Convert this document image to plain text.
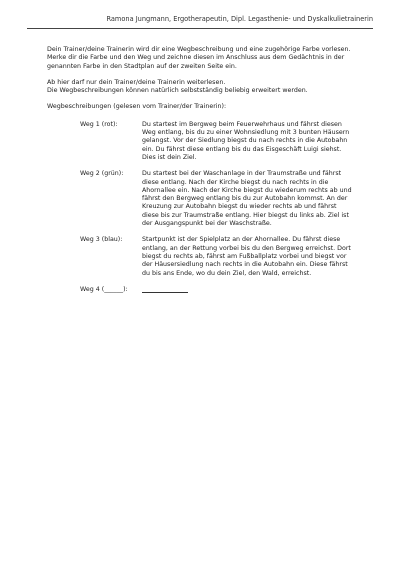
Ramona Jungmann, Ergotherapeutin, Dipl. Legasthenie- und Dyskalkulietrainerin

Dein Trainer/deine Trainerin wird dir eine Wegbeschreibung und eine zugehörige Farbe vorlesen. Merke dir die Farbe und den Weg und zeichne diesen im Anschluss aus dem Gedächtnis in der genannten Farbe in den Stadtplan auf der zweiten Seite ein.

Ab hier darf nur dein Trainer/deine Trainerin weiterlesen.

Die Wegbeschreibungen können natürlich selbstständig beliebig erweitert werden.

Wegbeschreibungen (gelesen vom Trainer/der Trainerin):

Weg 1 (rot):	Du startest im Bergweg beim Feuerwehrhaus und fährst diesen Weg entlang, bis du zu einer Wohnsiedlung mit 3 bunten Häusern gelangst. Vor der Siedlung biegst du nach rechts in die Autobahn ein. Du fährst diese entlang bis du das Eisgeschäft Luigi siehst. Dies ist dein Ziel.
Weg 2 (grün):	Du startest bei der Waschanlage in der Traumstraße und fährst diese entlang. Nach der Kirche biegst du nach rechts in die Ahornallee ein. Nach der Kirche biegst du wiederum rechts ab und fährst den Bergweg entlang bis du zur Autobahn kommst. An der Kreuzung zur Autobahn biegst du wieder rechts ab und fährst diese bis zur Traumstraße entlang. Hier biegst du links ab. Ziel ist der Ausgangspunkt bei der Waschstraße.
Weg 3 (blau):	Startpunkt ist der Spielplatz an der Ahornallee. Du fährst diese entlang, an der Rettung vorbei bis du den Bergweg erreichst. Dort biegst du rechts ab, fährst am Fußballplatz vorbei und biegst vor der Häusersiedlung nach rechts in die Autobahn ein. Diese fährst du bis ans Ende, wo du dein Ziel, den Wald, erreichst.
Weg 4 (______):
